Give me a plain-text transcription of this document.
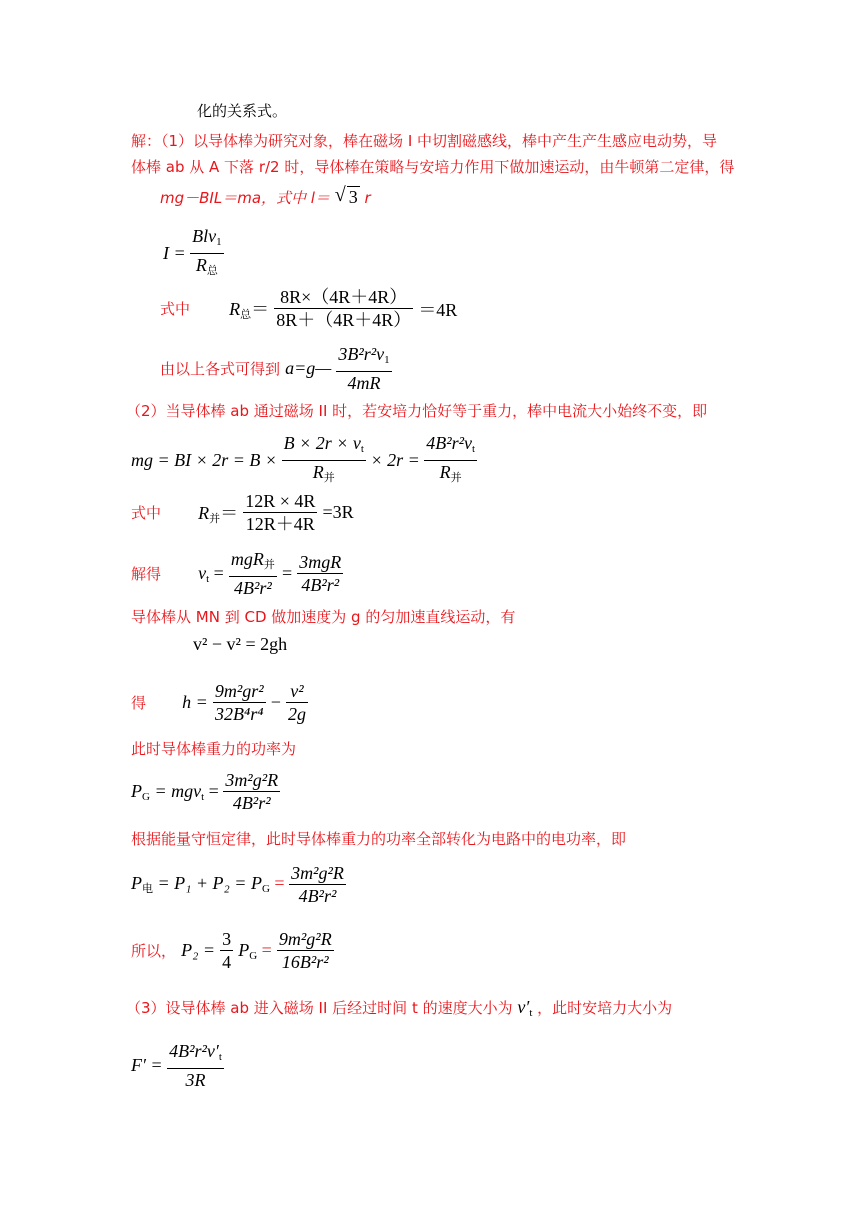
化的关系式。
解：（1）以导体棒为研究对象，棒在磁场 I 中切割磁感线，棒中产生产生感应电动势，导
体棒 ab 从 A 下落 r/2 时，导体棒在策略与安培力作用下做加速运动，由牛顿第二定律，得
mg－BIL＝ma，式中 l＝ √ 3 r
$I = \frac{Blv_1}{R_总}$
式中 $R_总= \frac{8R\times(4R+4R)}{8R+(4R+4R)} =4R$
由以上各式可得到 a=g— $\frac{3B^2r^2v_1}{4mR}$
（2）当导体棒 ab 通过磁场 II 时，若安培力恰好等于重力，棒中电流大小始终不变，即
mg = BI × $2r = B \times \frac{B \times 2r \times v_t}{R_并} \times 2r = \frac{4B^2r^2v_t}{R_并}$
式中 $R_并= \frac{12R \times 4R}{12R+4R} =3R$
解得 $v_t = \frac{mgR_并}{\text{4B²r²}} = \frac{\text{3mgR}}{\text{4B²r²}}$
导体棒从 MN 到 CD 做加速度为 g 的匀加速直线运动，有
v² − v² = 2gh
得 $h = \frac{\text{9m²gr²}}{\text{32B⁴r⁴}} - \frac{\text{v²}}{2g}$
此时导体棒重力的功率为
$P_G = mgv_t = \frac{\text{3m²g²R}}{\text{4B²r²}}$
根据能量守恒定律，此时导体棒重力的功率全部转化为电路中的电功率，即
$P_电 = P_1 + P_2 = P_G = \frac{\text{3m²g²R}}{\text{4B²r²}}$
所以， $P_2 = \frac{3}{4} P_G = \frac{\text{9m²g²R}}{\text{16B²r²}}$
（3）设导体棒 ab 进入磁场 II 后经过时间 t 的速度大小为 $v'_t$ ，此时安培力大小为
$F' = \frac{4B^2r^2v'_t}{3R}$
